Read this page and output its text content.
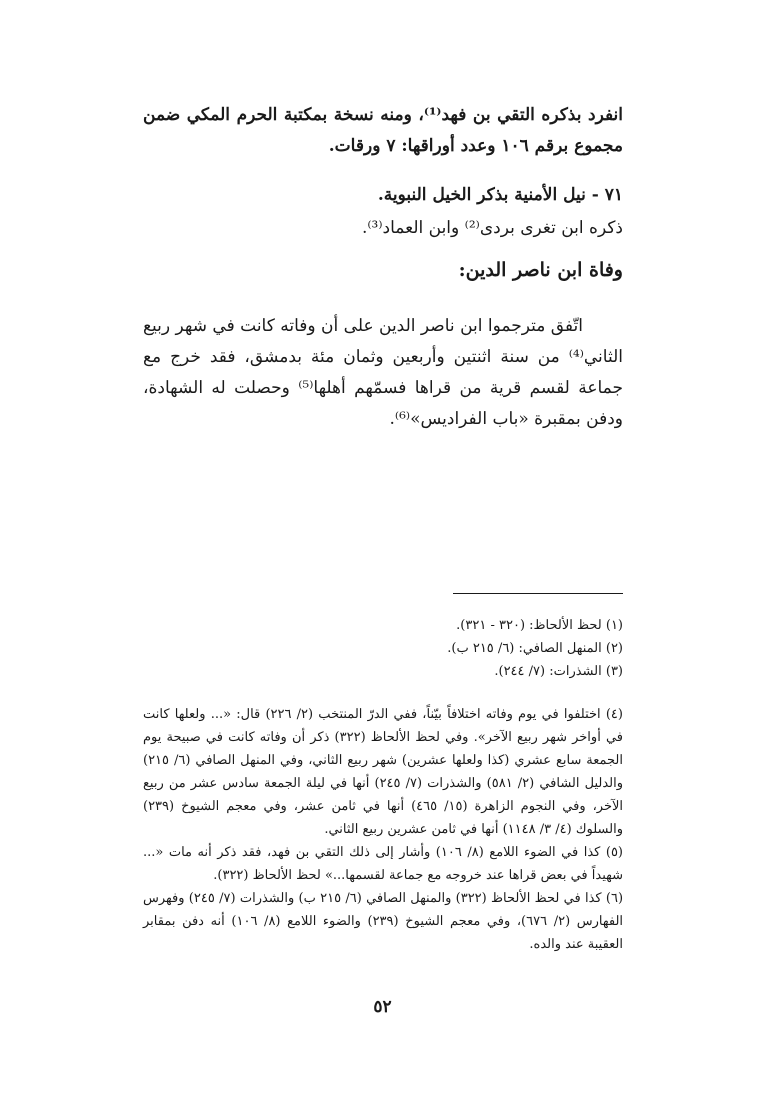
انفرد بذكره التقي بن فهد⁽¹⁾، ومنه نسخة بمكتبة الحرم المكي ضمن مجموع برقم ١٠٦ وعدد أوراقها: ٧ ورقات.

٧١ - نيل الأمنية بذكر الخيل النبوية.

ذكره ابن تغرى بردى⁽²⁾ وابن العماد⁽³⁾.

وفاة ابن ناصر الدين:

اتّفق مترجموا ابن ناصر الدين على أن وفاته كانت في شهر ربيع الثاني⁽⁴⁾ من سنة اثنتين وأربعين وثمان مئة بدمشق، فقد خرج مع جماعة لقسم قرية من قراها فسمّهم أهلها⁽⁵⁾ وحصلت له الشهادة، ودفن بمقبرة «باب الفراديس»⁽⁶⁾.

(١) لحظ الألحاظ: (٣٢٠ - ٣٢١).

(٢) المنهل الصافي: (٦/ ٢١٥ ب).

(٣) الشذرات: (٧/ ٢٤٤).

(٤) اختلفوا في يوم وفاته اختلافاً بيّناً، ففي الدرّ المنتخب (٢/ ٢٢٦) قال: «... ولعلها كانت في أواخر شهر ربيع الآخر». وفي لحظ الألحاظ (٣٢٢) ذكر أن وفاته كانت في صبيحة يوم الجمعة سابع عشري (كذا ولعلها عشرين) شهر ربيع الثاني، وفي المنهل الصافي (٦/ ٢١٥) والدليل الشافي (٢/ ٥٨١) والشذرات (٧/ ٢٤٥) أنها في ليلة الجمعة سادس عشر من ربيع الآخر، وفي النجوم الزاهرة (١٥/ ٤٦٥) أنها في ثامن عشر، وفي معجم الشيوخ (٢٣٩) والسلوك (٤/ ٣/ ١١٤٨) أنها في ثامن عشرين ربيع الثاني.

(٥) كذا في الضوء اللامع (٨/ ١٠٦) وأشار إلى ذلك التقي بن فهد، فقد ذكر أنه مات «... شهيداً في بعض قراها عند خروجه مع جماعة لقسمها...» لحظ الألحاظ (٣٢٢).

(٦) كذا في لحظ الألحاظ (٣٢٢) والمنهل الصافي (٦/ ٢١٥ ب) والشذرات (٧/ ٢٤٥) وفهرس الفهارس (٢/ ٦٧٦)، وفي معجم الشيوخ (٢٣٩) والضوء اللامع (٨/ ١٠٦) أنه دفن بمقابر العقيبة عند والده.

٥٢
